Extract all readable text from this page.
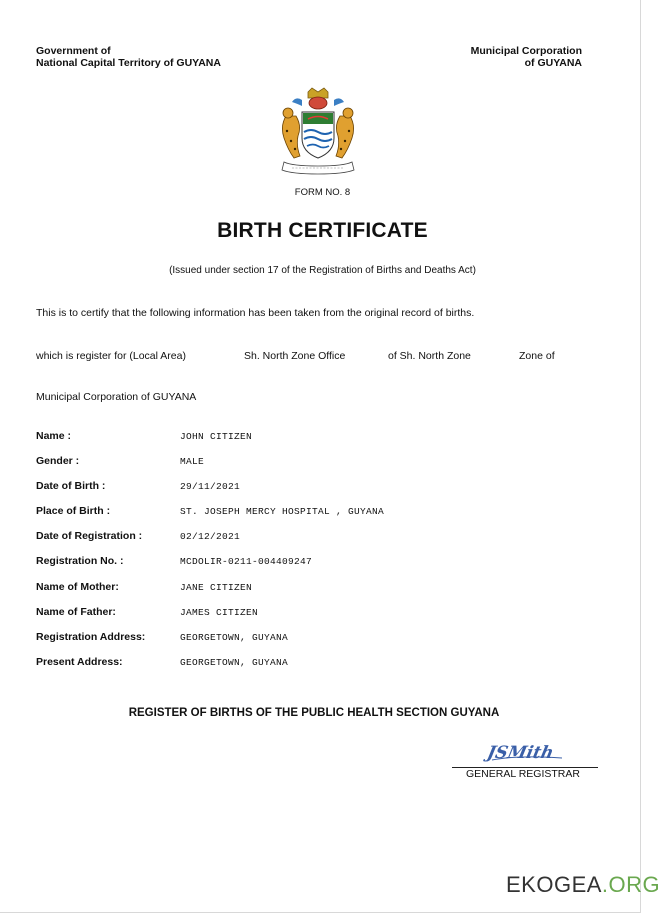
Government of
National Capital Territory of GUYANA
Municipal Corporation
of GUYANA
FORM NO. 8
BIRTH CERTIFICATE
(Issued under section 17 of the Registration of Births and Deaths Act)
This is to certify that the following information has been taken from the original record of births.
which is register for (Local Area)	Sh. North Zone Office	of Sh. North Zone	Zone of
Municipal Corporation of GUYANA
Name :	JOHN CITIZEN
Gender :	MALE
Date of Birth :	29/11/2021
Place of Birth :	ST. JOSEPH MERCY HOSPITAL , GUYANA
Date of Registration :	02/12/2021
Registration No. :	MCDOLIR-0211-004409247
Name of Mother:	JANE CITIZEN
Name of Father:	JAMES CITIZEN
Registration Address:	GEORGETOWN, GUYANA
Present Address:	GEORGETOWN, GUYANA
REGISTER OF BIRTHS OF THE PUBLIC HEALTH SECTION GUYANA
JSMith
GENERAL REGISTRAR
EKOGEA.ORG
